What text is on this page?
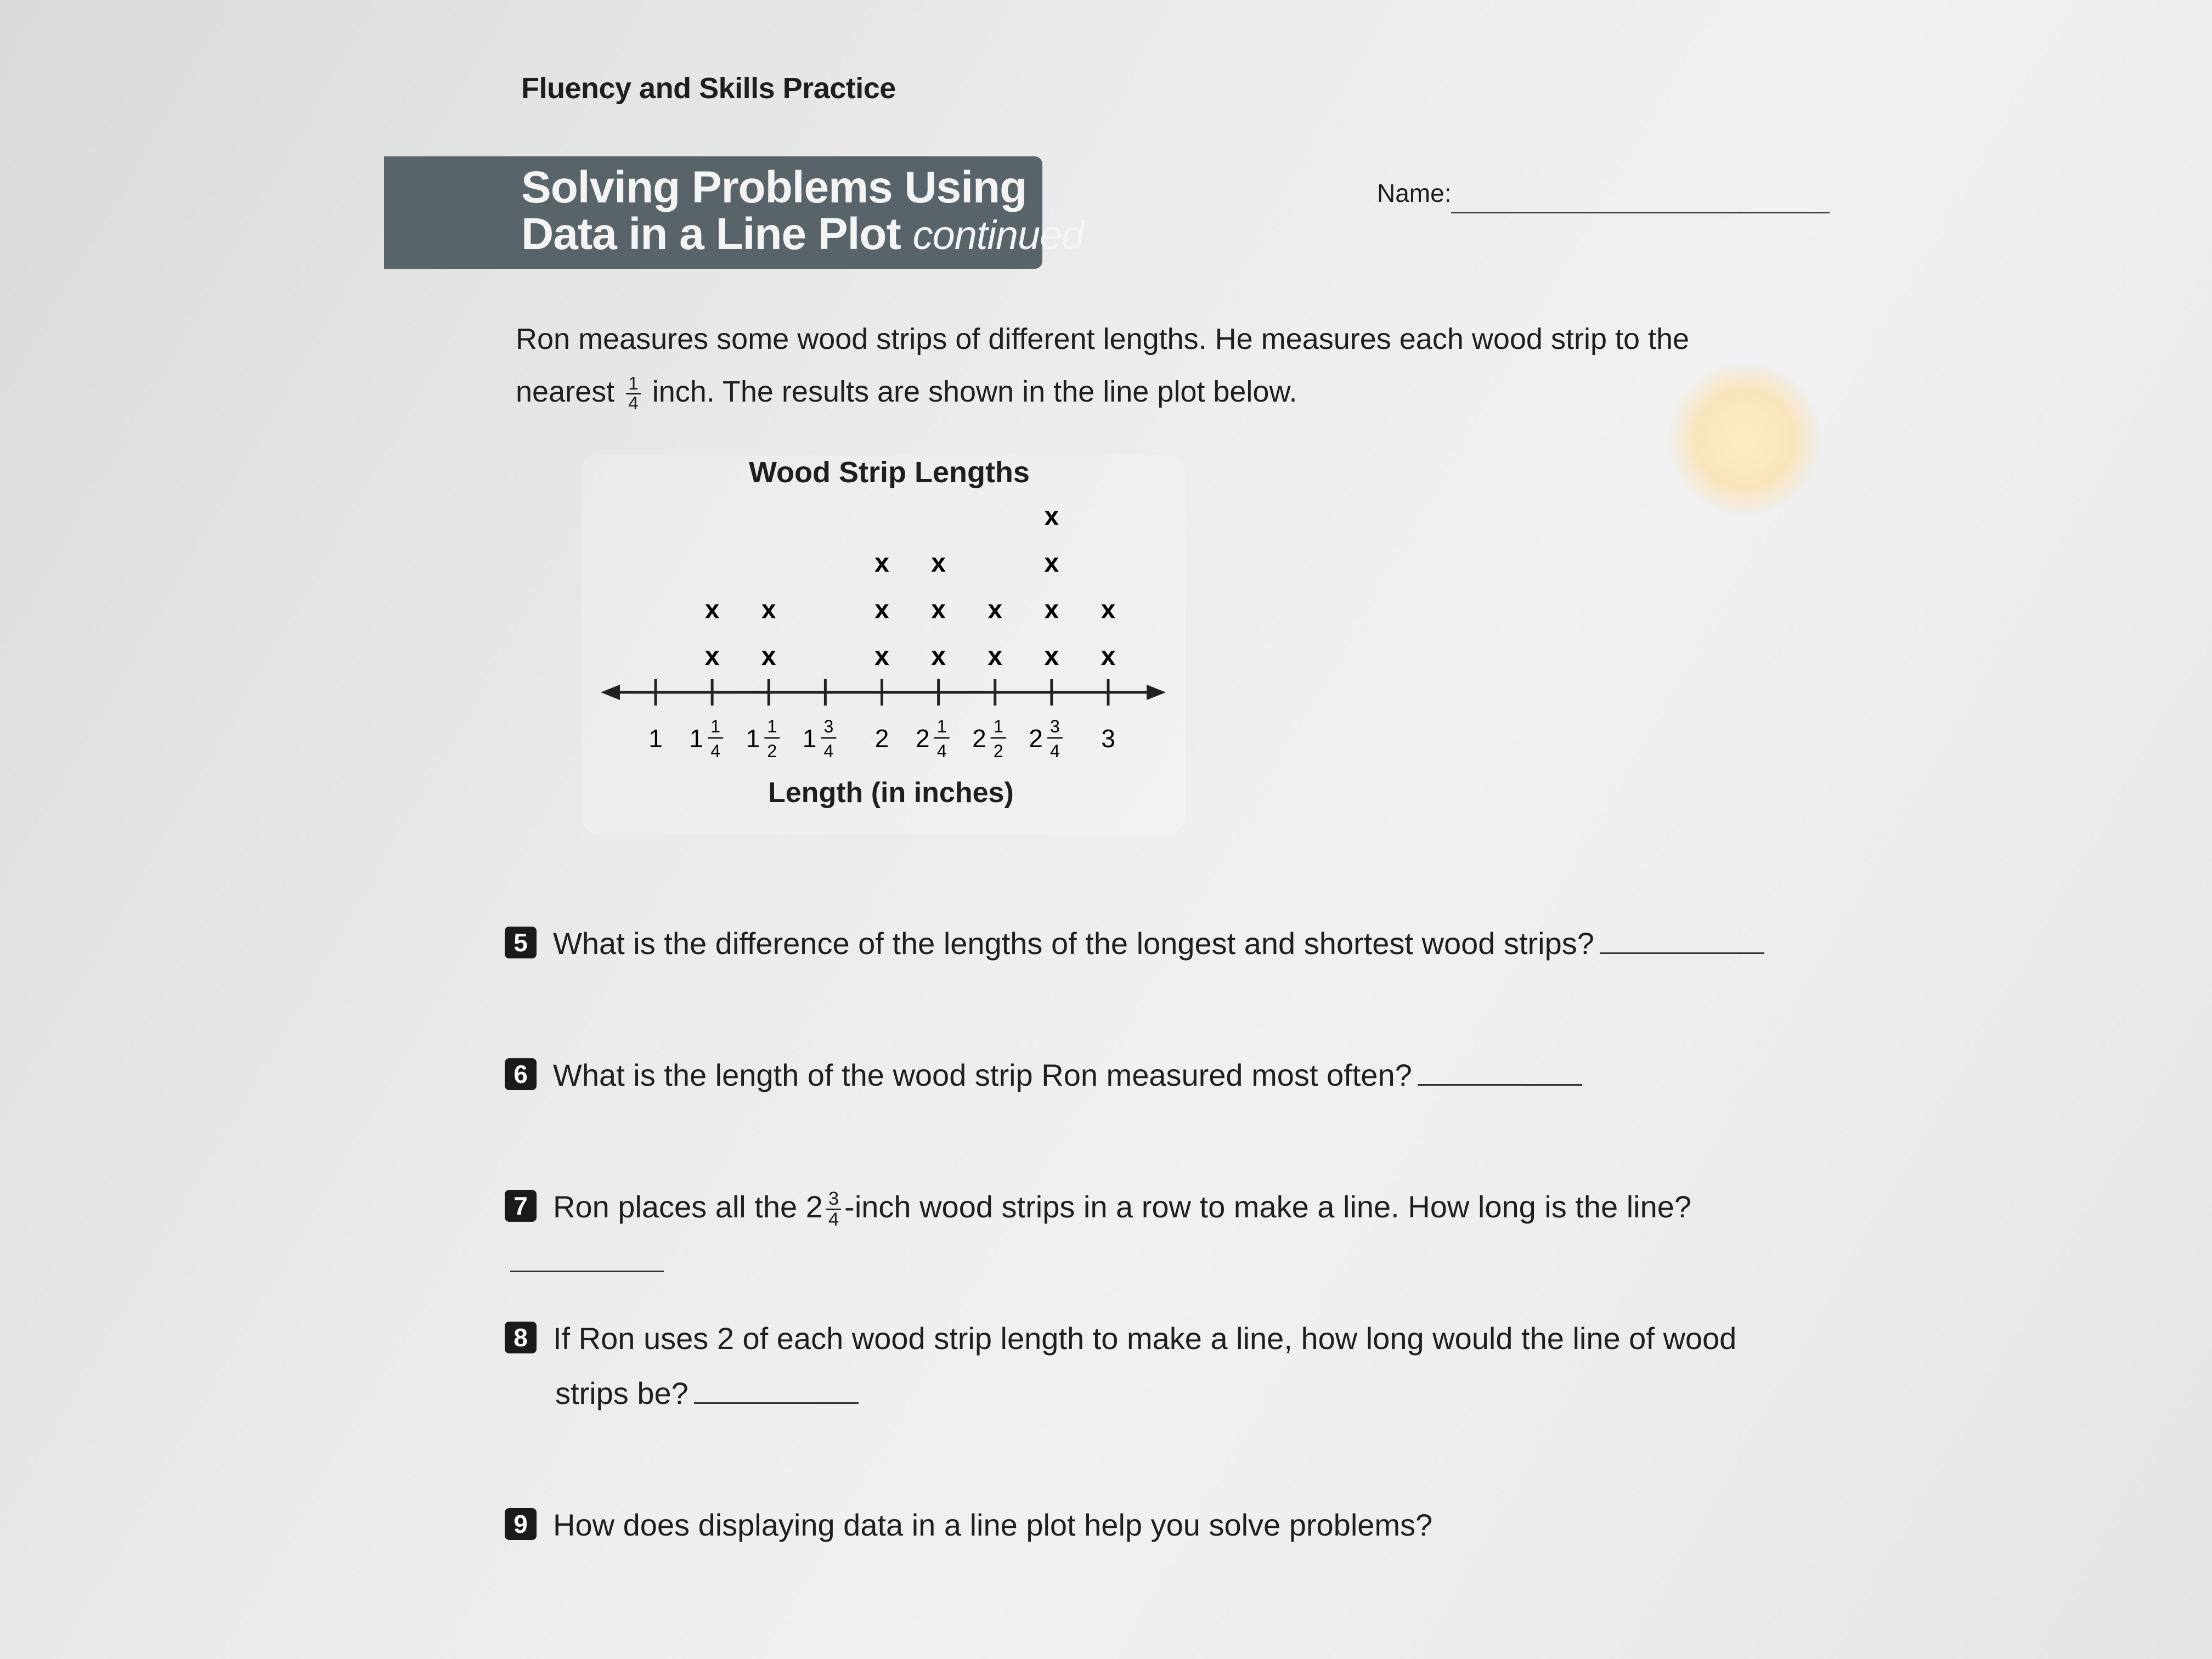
Fluency and Skills Practice
Solving Problems Using
Data in a Line Plot continued
Name:
Ron measures some wood strips of different lengths. He measures each wood strip to the nearest $\frac{1}{4}$ inch. The results are shown in the line plot below.
Wood Strip Lengths
1 1 1
4 1 1
2 1 3
4 2 2 1
4 2 1
2 2 3
4 3
x
x
x
x
x
x
x
x
x
x
x
x
x
x
x
x
x
x
Length (in inches)
5 What is the difference of the lengths of the longest and shortest wood strips?
6 What is the length of the wood strip Ron measured most often?
7 Ron places all the $2 \frac{3}{4}$ -inch wood strips in a row to make a line. How long is the line?
8 If Ron uses 2 of each wood strip length to make a line, how long would the line of wood
strips be?
9 How does displaying data in a line plot help you solve problems?
